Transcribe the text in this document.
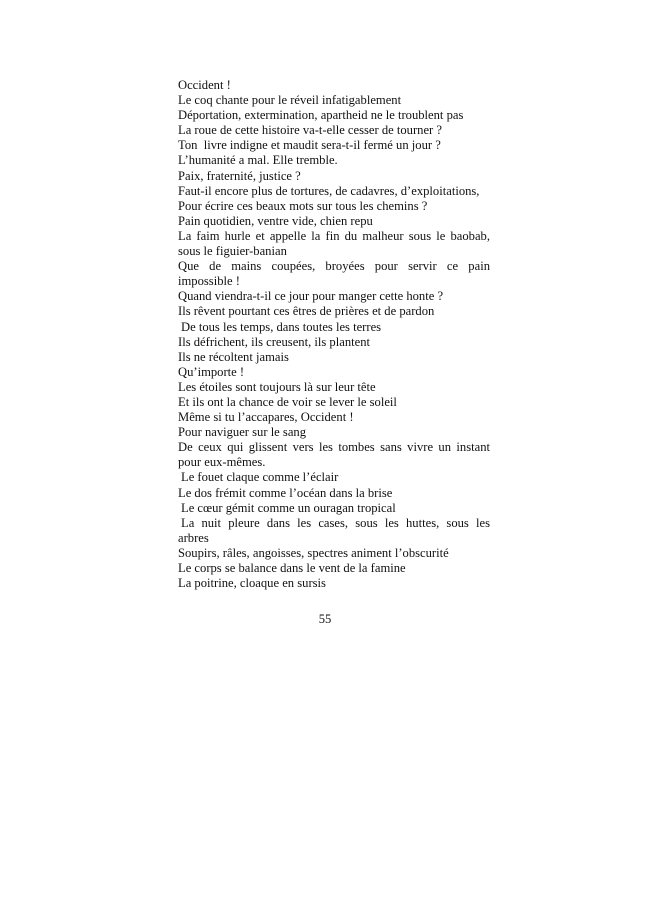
Occident !
Le coq chante pour le réveil infatigablement
Déportation, extermination, apartheid ne le troublent pas
La roue de cette histoire va-t-elle cesser de tourner ?
Ton  livre indigne et maudit sera-t-il fermé un jour ?
L’humanité a mal. Elle tremble.
Paix, fraternité, justice ?
Faut-il encore plus de tortures, de cadavres, d’exploitations,
Pour écrire ces beaux mots sur tous les chemins ?
Pain quotidien, ventre vide, chien repu
La faim hurle et appelle la fin du malheur sous le baobab,
sous le figuier-banian
Que de mains coupées, broyées pour servir ce pain
impossible !
Quand viendra-t-il ce jour pour manger cette honte ?
Ils rêvent pourtant ces êtres de prières et de pardon
De tous les temps, dans toutes les terres
Ils défrichent, ils creusent, ils plantent
Ils ne récoltent jamais
Qu’importe !
Les étoiles sont toujours là sur leur tête
Et ils ont la chance de voir se lever le soleil
Même si tu l’accapares, Occident !
Pour naviguer sur le sang
De ceux qui glissent vers les tombes sans vivre un instant
pour eux-mêmes.
Le fouet claque comme l’éclair
Le dos frémit comme l’océan dans la brise
Le cœur gémit comme un ouragan tropical
La nuit pleure dans les cases, sous les huttes, sous les
arbres
Soupirs, râles, angoisses, spectres animent l’obscurité
Le corps se balance dans le vent de la famine
La poitrine, cloaque en sursis
55
